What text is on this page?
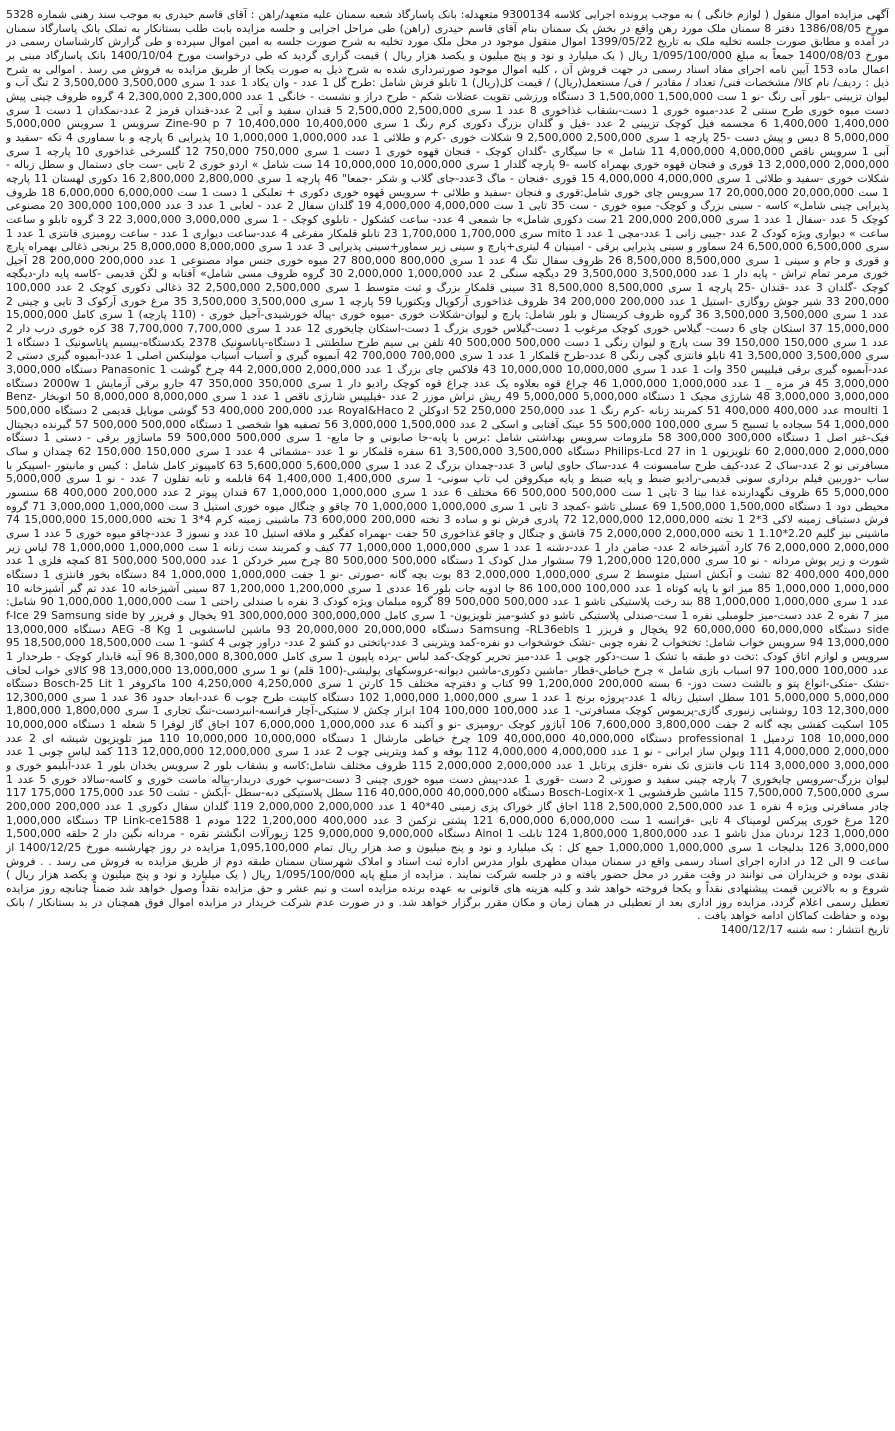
آگهی مزایده اموال منقول ( لوازم خانگی ) به موجب پرونده اجرایی کلاسه 9300134 متعهدله: بانک پاسارگاد شعبه سمنان علیه متعهد/راهن : آقای قاسم حیدری به موجب سند رهنی شماره 5328 مورخ 1386/08/05 دفتر 8 سمنان ملک مورد رهن واقع در بخش یک سمنان بنام آقای قاسم حیدری (راهن) طی مراحل اجرایی و جلسه مزایده بابت طلب بستانکار به تملک بانک پاسارگاد سمنان در آمده و مطابق صورت جلسه تخلیه ملک به تاریخ 1399/05/22 اموال منقول موجود در محل ملک مورد تخلیه به شرح صورت جلسه به امین اموال سپرده و طی گزارش کارشناسان رسمی در مورخ 1400/08/03 جمعاً به مبلغ 1/095/100/000 ریال ( یک میلیارد و نود و پنج میلیون و یکصد هزار ریال ) قیمت گزاری گردید که طی درخواست مورخ 1400/10/04 بانک پاسارگاد مبنی بر اعمال ماده 153 آیین نامه اجرای مفاد اسناد رسمی در جهت فروش آن ، کلیه اموال موجود صورتبرداری شده به شرح ذیل به صورت یکجا از طریق مزایده به فروش می رسد . اموالی به شرح ذیل : ردیف/ نام کالا/ مشخصات فنی/ تعداد / مقادیر / فی/ مستعمل(ریال) / قیمت کل(ریال) 1 تابلو فرش شامل :طرح گل 1 عدد - وان یکاد 1 عدد 1 سری 3,500,000 3,500,000 2 تنگ آب و لیوان تزیینی -بلور آبی رنگ -نو 1 ست 1,500,000 1,500,000 3 دستگاه ورزشی تقویت عضلات شکم - طرح دراز و نشست - خانگی 1 عدد 2,300,000 2,300,000 4 گروه ظروف چینی پیش دست میوه خوری طرح سنتی 2 عدد-میوه خوری 1 دست-بشقاب غذاخوری 8 عدد 1 سری 2,500,000 2,500,000 5 قندان سفید و آبی 2 عدد-قندان قرمز 2 عدد-نمکدان 1 دست 1 سری 1,400,000 1,400,000 6 مجسمه فیل کوچک تزیینی 2 عدد -فیل و گلدان بزرگ دکوری کرم رنگ 1 سری 10,400,000 10,400,000 7 Zine-90 p سرویس 1 سرویس 5,000,000 5,000,000 8 دیس و پیش دست -25 پارچه 1 سری 2,500,000 2,500,000 9 شکلات خوری -کرم و طلائی 1 عدد 1,000,000 1,000,000 10 پذیرایی 6 پارچه و با سماوری 4 تکه -سفید و آبی 1 سرویس ناقص 4,000,000 4,000,000 11 شامل » جا سیگاری -گلدان کوچک - فنجان قهوه خوری 1 دست 1 سری 750,000 750,000 12 گلسرخی غذاخوری 10 پارچه 1 سری 2,000,000 2,000,000 13 قوری و فنجان قهوه خوری بهمراه کاسه -9 پارچه گلدار 1 سری 10,000,000 10,000,000 14 ست شامل » اردو خوری 2 تایی -ست جای دستمال و سطل زباله - شکلات خوری -سفید و طلائی 1 سری 4,000,000 4,000,000 15 قوری -فنجان - ماگ 3عدد-جای گلاب و شکر -جمعا" 46 پارچه 1 سری 2,800,000 2,800,000 16 دکوری لهستان 11 پارچه 1 ست 20,000,000 20,000,000 17 سرویس چای خوری شامل:قوری و فنجان -سفید و طلائی + سرویس قهوه خوری دکوری + تعلبکی 1 دست 1 ست 6,000,000 6,000,000 18 ظروف پذیرایی چینی شامل» کاسه - سینی بزرگ و کوچک- میوه خوری - ست 35 تایی 1 ست 4,000,000 4,000,000 19 گلدان سفال 2 عدد - لعابی 1 عدد 3 عدد 100,000 300,000 20 مصنوعی کوچک 5 عدد -سفال 1 عدد 1 سری 200,000 200,000 21 ست دکوری شامل» جا شمعی 4 عدد- ساعت کشکول - تابلوی کوچک - 1 سری 3,000,000 3,000,000 22 3 گروه تابلو و ساعت ساعت » دیواری ویژه کودک 2 عدد -جیبی زانی 1 عدد-مچی 1 عدد mito 1 سری 1,700,000 1,700,000 23 تابلو قلمکار مفرغی 4 عدد-ساعت دیواری 1 عدد - ساعت رومیزی فانتزی 1 عدد 1 سری 6,500,000 6,500,000 24 سماور و سینی پذیرایی برقی - امینیان 4 لیتری+پارچ و سینی زیر سماور+سینی پذیرایی 3 عدد 1 سری 8,000,000 8,000,000 25 برنجی ذغالی بهمراه پارچ و قوری و جام و سینی 1 سری 8,500,000 8,500,000 26 ظروف سفال تنگ 4 عدد 1 سری 800,000 800,000 27 میوه خوری جنس مواد مصنوعی 1 عدد 200,000 200,000 28 آجیل خوری مرمر تمام تراش - پایه دار 1 عدد 3,500,000 3,500,000 29 دیگچه سنگی 2 عدد 1,000,000 2,000,000 30 گروه ظروف مسی شامل» آفتابه و لگن قدیمی -کاسه پایه دار-دیگچه کوچک -گلدان 3 عدد -قندان -25 پارچه 1 سری 8,500,000 8,500,000 31 سینی قلمکار بزرگ و ثبت متوسط 1 سری 2,500,000 2,500,000 32 ذغالی دکوری کوچک 2 عدد 100,000 200,000 33 شیر جوش روگازی -استیل 1 عدد 200,000 200,000 34 ظروف غذاخوری آرکوپال ویکتوریا 59 پارچه 1 سری 3,500,000 3,500,000 35 مرغ خوری آرکوک 3 تایی و چینی 2 عدد 1 سری 3,500,000 3,500,000 36 گروه ظروف کریستال و بلور شامل: پارچ و لیوان-شکلات خوری -میوه خوری -پیاله خورشیدی-آجیل خوری - (110 پارچه) 1 سری کامل 15,000,000 15,000,000 37 استکان چای 6 دست- گیلاس خوری کوچک مرغوب 1 دست-گیلاس خوری بزرگ 1 دست-استکان چایخوری 12 عدد 1 سری 7,700,000 7,700,000 38 کره خوری درب دار 2 عدد 1 سری 150,000 150,000 39 ست پارچ و لیوان رنگی 1 دست 500,000 500,000 40 تلفن بی سیم طرح سلطنتی 1 دستگاه-پاناسونیک 2378 یکدستگاه-بیسیم پاناسونیک 1 دستگاه 1 سری 3,500,000 3,500,000 41 تابلو فانتزی گچی رنگی 8 عدد-طرح قلمکار 1 عدد 1 سری 700,000 700,000 42 آبمیوه گیری و آسیاب آسیاب مولینکس اصلی 1 عدد-آبمیوه گیری دستی 2 عدد-آبمیوه گیری برقی فیلیپس 350 وات 1 عدد 1 سری 10,000,000 10,000,000 43 فلاکس چای بزرگ 1 عدد 2,000,000 2,000,000 44 چرخ گوشت Panasonic 1 دستگاه 3,000,000 3,000,000 45 فر مزه _ 1 عدد 1,000,000 1,000,000 46 چراغ قوه بعلاوه یک عدد چراغ قوه کوچک رادیو دار 1 سری 350,000 350,000 47 جارو برقی آزمایش 1 2000w دستگاه 3,000,000 3,000,000 48 شارژی مجیک 1 دستگاه 5,000,000 5,000,000 49 ریش تراش موزر 2 عدد -فیلیپس شارژی ناقص 1 عدد 1 سری 8,000,000 8,000,000 50 اتوبخار Benz-moulti 1 عدد 400,000 400,000 51 کمربند زنانه -کرم رنگ 1 عدد 250,000 250,000 52 ادوکلن Royal&Haco 2 عدد 200,000 400,000 53 گوشی موبایل قدیمی 2 دستگاه 500,000 1,000,000 54 سجاده با تسبیح 5 سری 100,000 500,000 55 عینک آفتابی و اسکی 2 عدد 1,500,000 3,000,000 56 تصفیه هوا شخصی 1 دستگاه 500,000 500,000 57 گیرنده دیجیتال فیک-غیر اصل 1 دستگاه 300,000 300,000 58 ملزومات سرویس بهداشتی شامل :برس با پایه-جا صابونی و جا مایع- 1 سری 500,000 500,000 59 ماساژور برقی - دستی 1 دستگاه 2,000,000 2,000,000 60 تلویزیون Philips-Lcd 27 in 1 دستگاه 3,500,000 3,500,000 61 سفره قلمکار نو 1 عدد -مشمائی 4 عدد 1 سری 150,000 150,000 62 چمدان و ساک مسافرتی نو 2 عدد-ساک 2 عدد-کیف طرح سامسونت 4 عدد-ساک حاوی لباس 3 عدد-چمدان بزرگ 2 عدد 1 سری 5,600,000 5,600,000 63 کامپیوتر کامل شامل : کیس و مانیتور -اسپیکر با ساب -دوربین فیلم برداری سونی قدیمی-رادیو ضبط و پایه ضبط و پایه میکروفن لپ تاپ سونی- 1 سری 1,400,000 1,400,000 64 قابلمه و تابه تفلون 7 عدد - نو 1 سری 5,000,000 5,000,000 65 ظروف نگهدارنده غذا بیتا 3 تایی 1 ست 500,000 500,000 66 مختلف 6 عدد 1 سری 1,000,000 1,000,000 67 قندان پیوتر 2 عدد 200,000 400,000 68 سنسور محیطی دود 1 دستگاه 1,500,000 1,500,000 69 عسلی تاشو -کمجد 3 تایی 1 سری 1,000,000 1,000,000 70 چاقو و چنگال میوه خوری استیل 3 ست 1,000,000 3,000,000 71 گروه فرش دستباف زمینه لاکی 3*2 1 تخته 12,000,000 12,000,000 72 پادری فرش نو و ساده 3 تخته 200,000 600,000 73 ماشینی زمینه کرم 4*3 1 تخته 15,000,000 15,000,000 74 ماشینی نیز گلیم 2.20*1.10 1 تخته 2,000,000 2,000,000 75 قاشق و چنگال و چاقو غذاخوری 50 جفت -بهمراه کفگیر و ملاقه استیل 10 عدد و نسوز 3 عدد-چاقو میوه خوری 5 عدد 1 سری 2,000,000 2,000,000 76 کارد آشپزخانه 2 عدد- ضامن دار 1 عدد-دشنه 1 عدد 1 سری 1,000,000 1,000,000 77 کیف و کمربند ست زنانه 1 ست 1,000,000 1,000,000 78 لباس زیر شورت و زیر پوش مردانه - نو 10 سری 120,000 1,200,000 79 سشوار مدل کودک 1 دستگاه 500,000 500,000 80 چرخ سیر خردکن 1 عدد 500,000 500,000 81 کمچه فلزی 1 عدد 400,000 400,000 82 تشت و آبکش استیل متوسط 2 سری 1,000,000 2,000,000 83 بوت بچه گانه -صورتی -نو 1 جفت 1,000,000 1,000,000 84 دستگاه بخور فانتزی 1 دستگاه 1,000,000 1,000,000 85 میز اتو با پایه کوتاه 1 عدد 100,000 100,000 86 جا ادویه جات بلور 16 عددی 1 سری 1,200,000 1,200,000 87 سینی آشپزخانه 10 عدد تم گیر آشپزخانه 10 عدد 1 سری 1,000,000 1,000,000 88 بند رخت پلاستیکی تاشو 1 عدد 500,000 500,000 89 گروه مبلمان ویژه کودک 3 نفره با صندلی راحتی 1 ست 1,000,000 1,000,000 90 شامل: میز 7 نفره 2 عدد دست-میز جلومبلی نفره 1 ست-صندلی پلاستیکی تاشو دو کشو-میز تلویزیون- 1 سری کامل 300,000,000 300,000,000 91 یخچال و فریزر f-Ice 29 Samsung side by side دستگاه 60,000,000 60,000,000 92 یخچال و فریزر Samsung -RL36ebls 1 دستگاه 20,000,000 20,000,000 93 ماشین لباسشویی AEG -8 Kg 1 دستگاه 13,000,000 13,000,000 94 سرویس خواب شامل: تختخواب 2 نفره چوبی -تشک خوشخواب دو نفره-کمد ویترینی 3 عدد-پاتختی دو کشو 2 عدد- دراور چوبی 4 کشو- 1 ست 18,500,000 18,500,000 95 سرویس و لوازم اتاق کودک :تخت دو طبقه با تشک 1 ست-دکور چوبی 1 عدد-میز تحریر کوچک-کمد لباس -پرده پاپیون 1 سری کامل 8,300,000 8,300,000 96 آینه قابدار کوچک - طرحدار 1 عدد 100,000 100,000 97 اسباب بازی شامل » چرخ خیاطی-قطار -ماشین دکوری-ماشین دیوانه-عروسکهای پولیشی-(100 قلم) نو 1 سری 13,000,000 13,000,000 98 کالای خواب لحاف -تشک -متکی-انواع پتو و بالشت دست دوز- 6 بسته 200,000 1,200,000 99 کتاب و دفترچه مختلف 15 کارتن 1 سری 4,250,000 4,250,000 100 ماکروفر Bosch-25 Lit 1 دستگاه 5,000,000 5,000,000 101 سطل استیل زباله 1 عدد-پروژه برنج 1 عدد 1 سری 1,000,000 1,000,000 102 دستگاه کابینت طرح چوب 6 عدد-ابعاد حدود 36 عدد 1 سری 12,300,000 12,300,000 103 روشنایی زنبوری گازی-پریموس کوچک مسافرتی- 1 عدد 100,000 100,000 104 ابزار چکش لا ستیکی-آچار فرانسه-انبردست-تنگ تجاری 1 سری 1,800,000 1,800,000 105 اسکیت کفشی بچه گانه 2 جفت 3,800,000 7,600,000 106 آباژور کوچک -رومیزی -نو و آکبند 6 عدد 1,000,000 6,000,000 107 اجاق گاز لوفرا 5 شعله 1 دستگاه 10,000,000 10,000,000 108 تردمیل professional 1 دستگاه 40,000,000 40,000,000 109 چرخ خیاطی مارشال 1 دستگاه 10,000,000 10,000,000 110 میز تلویزیون شیشه ای 2 عدد 2,000,000 4,000,000 111 ویولن ساز ایرانی - نو 1 عدد 4,000,000 4,000,000 112 بوفه و کمد ویترینی چوب 2 عدد 1 سری 12,000,000 12,000,000 113 کمد لباس چوبی 1 عدد 3,000,000 3,000,000 114 تاب فانتزی تک نفره -فلزی پرتابل 1 عدد 2,000,000 2,000,000 115 ظروف مختلف شامل:کاسه و بشقاب بلور 2 سرویس یخدان بلور 1 عدد-آبلیمو خوری و لیوان بزرگ-سرویس چایخوری 7 پارچه چینی سفید و صورتی 2 دست -قوری 1 عدد-پیش دست میوه خوری چینی 3 دست-سوپ خوری دربدار-پیاله ماست خوری و کاسه-سالاد خوری 5 عدد 1 سری 7,500,000 7,500,000 115 ماشین ظرفشویی Bosch-Logix-x 1 دستگاه 40,000,000 40,000,000 116 سطل پلاستیکی دبه-سطل -آبکش - تشت 50 عدد 175,000 175,000 117 چادر مسافرتی ویژه 4 نفره 1 عدد 2,500,000 2,500,000 118 اجاق گاز خوراک پزی زمینی 40*40 1 عدد 2,000,000 2,000,000 119 گلدان سفال دکوری 1 عدد 200,000 200,000 120 مرغ خوری پیرکس لومیناک 4 تایی -فرانسه 1 ست 6,000,000 6,000,000 121 پشتی ترکمن 3 عدد 400,000 1,200,000 122 مودم TP Link-ce1588 1 دستگاه 1,000,000 1,000,000 123 نردبان مدل تاشو 1 عدد 1,800,000 1,800,000 124 تابلت Ainol 1 دستگاه 9,000,000 9,000,000 125 زیورآلات انگشتر نقره - مردانه نگین دار 2 حلقه 1,500,000 3,000,000 126 بدلیجات 1 سری 1,000,000 1,000,000 جمع کل : یک میلیارد و نود و پنج میلیون و صد هزار ریال تمام 1,095,100,000 مزایده در روز چهارشنبه مورخ 1400/12/25 از ساعت 9 الی 12 در اداره اجرای اسناد رسمی واقع در سمنان میدان مطهری بلوار مدرس اداره ثبت اسناد و املاک شهرستان سمنان طبقه دوم از طریق مزایده به فروش می رسد . . فروش نقدی بوده و خریداران می توانند در وقت مقرر در محل حضور یافته و در جلسه شرکت نمایند . مزایده از مبلغ پایه 1/095/100/000 ریال ( یک میلیارد و نود و پنج میلیون و یکصد هزار ریال ) شروع و به بالاترین قیمت پیشنهادی نقداً و یکجا فروخته خواهد شد و کلیه هزینه های قانونی به عهده برنده مزایده است و نیم عشر و حق مزایده نقداً وصول خواهد شد ضمناً چنانچه روز مزایده تعطیل رسمی اعلام گردد، مزایده روز اداری بعد از تعطیلی در همان زمان و مکان مقرر برگزار خواهد شد. و در صورت عدم شرکت خریدار در مزایده اموال فوق همچنان در ید بستانکار / بانک بوده و حفاظت کماکان ادامه خواهد یافت .

تاریخ انتشار : سه شنبه 1400/12/17
